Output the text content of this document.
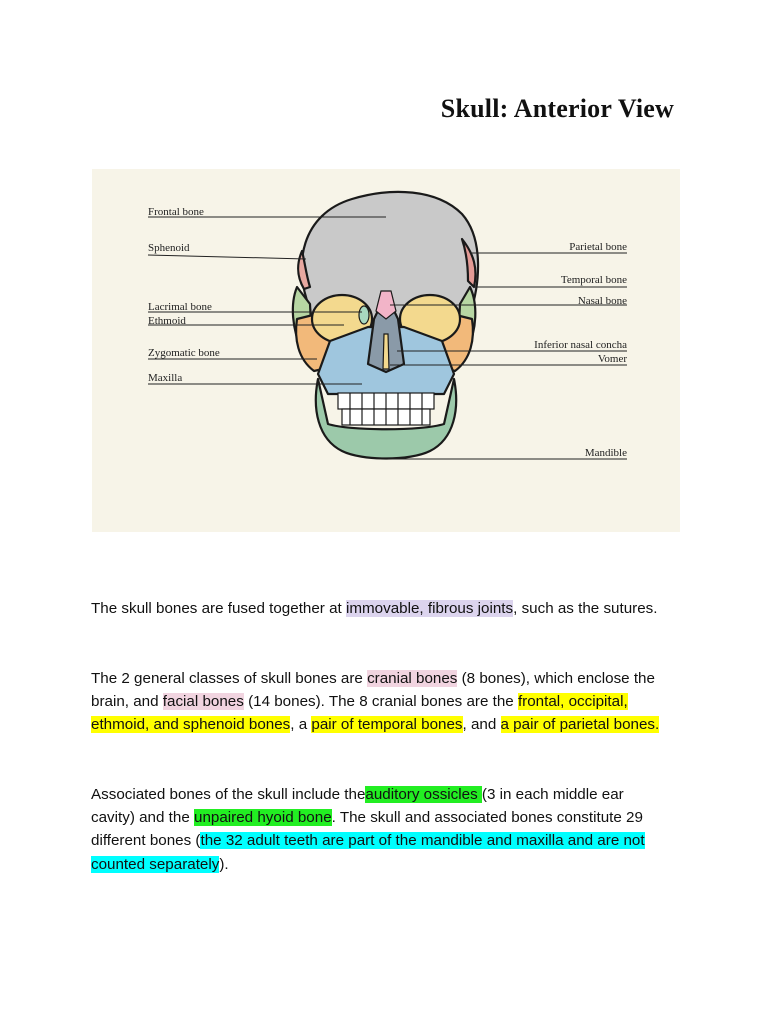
Skull: Anterior View
Frontal bone
Sphenoid
Lacrimal bone
Ethmoid
Zygomatic bone
Maxilla
Parietal bone
Temporal bone
Nasal bone
Inferior nasal concha
Vomer
Mandible

The skull bones are fused together at immovable, fibrous joints, such as the sutures.

The 2 general classes of skull bones are cranial bones (8 bones), which enclose the brain, and facial bones (14 bones). The 8 cranial bones are the frontal, occipital, ethmoid, and sphenoid bones, a pair of temporal bones, and a pair of parietal bones.

Associated bones of the skull include theauditory ossicles (3 in each middle ear cavity) and the unpaired hyoid bone. The skull and associated bones constitute 29 different bones (the 32 adult teeth are part of the mandible and maxilla and are not counted separately).
